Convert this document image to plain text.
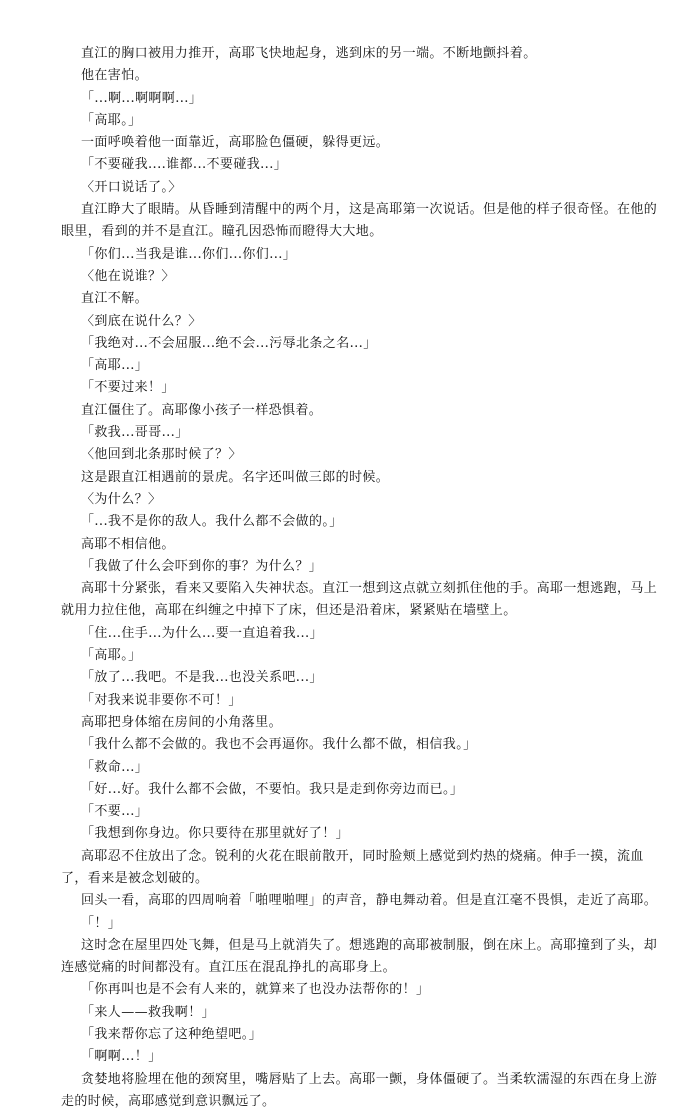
直江的胸口被用力推开，高耶飞快地起身，逃到床的另一端。不断地颤抖着。

他在害怕。

「...啊...啊啊啊...」

「高耶。」

一面呼唤着他一面靠近，高耶脸色僵硬，躲得更远。

「不要碰我....谁都...不要碰我...」

〈开口说话了。〉

直江睁大了眼睛。从昏睡到清醒中的两个月，这是高耶第一次说话。但是他的样子很奇怪。在他的眼里，看到的并不是直江。瞳孔因恐怖而瞪得大大地。

「你们...当我是谁...你们...你们...」

〈他在说谁？〉

直江不解。

〈到底在说什么？〉

「我绝对...不会屈服...绝不会...污辱北条之名...」

「高耶...」

「不要过来！」

直江僵住了。高耶像小孩子一样恐惧着。

「救我...哥哥...」

〈他回到北条那时候了？〉

这是跟直江相遇前的景虎。名字还叫做三郎的时候。

〈为什么？〉

「...我不是你的敌人。我什么都不会做的。」

高耶不相信他。

「我做了什么会吓到你的事？为什么？」

高耶十分紧张，看来又要陷入失神状态。直江一想到这点就立刻抓住他的手。高耶一想逃跑，马上就用力拉住他，高耶在纠缠之中掉下了床，但还是沿着床，紧紧贴在墙壁上。

「住...住手...为什么...要一直追着我...」

「高耶。」

「放了...我吧。不是我...也没关系吧...」

「对我来说非要你不可！」

高耶把身体缩在房间的小角落里。

「我什么都不会做的。我也不会再逼你。我什么都不做，相信我。」

「救命...」

「好...好。我什么都不会做，不要怕。我只是走到你旁边而已。」

「不要...」

「我想到你身边。你只要待在那里就好了！」

高耶忍不住放出了念。锐利的火花在眼前散开，同时脸颊上感觉到灼热的烧痛。伸手一摸，流血了，看来是被念划破的。

回头一看，高耶的四周响着「啪哩啪哩」的声音，静电舞动着。但是直江毫不畏惧，走近了高耶。

「！」

这时念在屋里四处飞舞，但是马上就消失了。想逃跑的高耶被制服，倒在床上。高耶撞到了头，却连感觉痛的时间都没有。直江压在混乱挣扎的高耶身上。

「你再叫也是不会有人来的，就算来了也没办法帮你的！」

「来人——救我啊！」

「我来帮你忘了这种绝望吧。」

「啊啊...！」

贪婪地将脸埋在他的颈窝里，嘴唇贴了上去。高耶一颤，身体僵硬了。当柔软濡湿的东西在身上游走的时候，高耶感觉到意识飘远了。
